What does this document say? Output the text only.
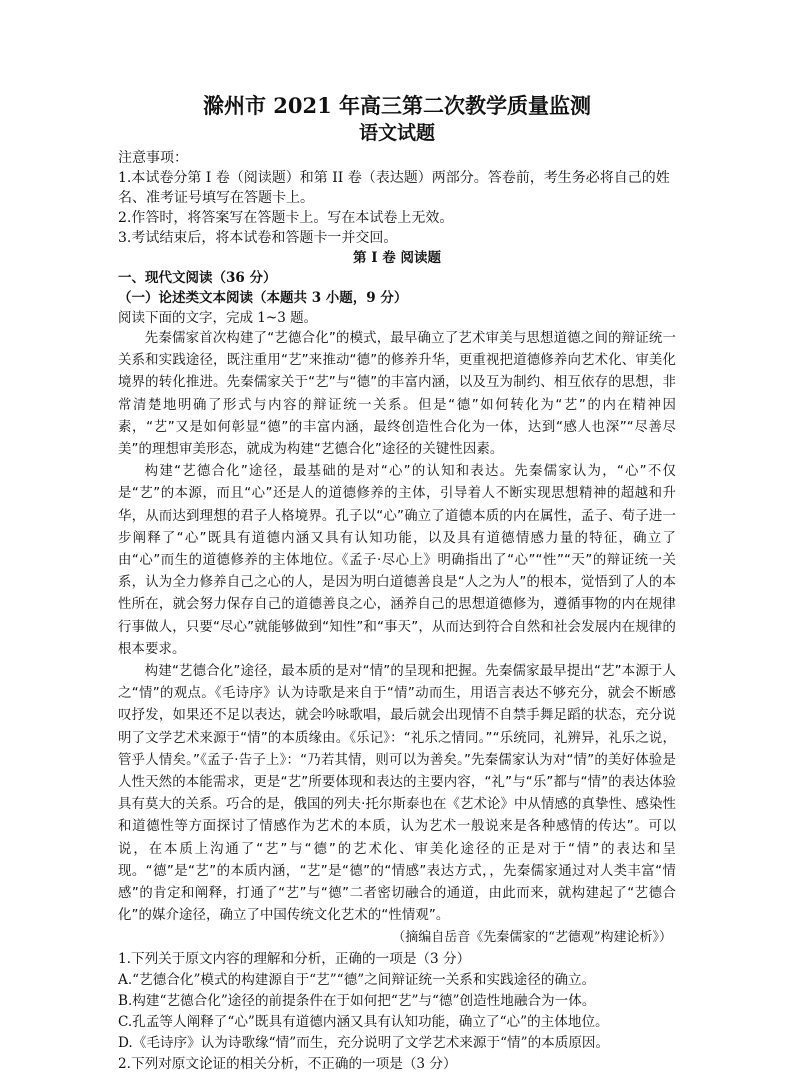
滁州市 2021 年高三第二次教学质量监测
语文试题

注意事项：

1.本试卷分第 I 卷（阅读题）和第 II 卷（表达题）两部分。答卷前，考生务必将自己的姓名、准考证号填写在答题卡上。

2.作答时，将答案写在答题卡上。写在本试卷上无效。

3.考试结束后，将本试卷和答题卡一并交回。

第 I 卷 阅读题

一、现代文阅读（36 分）

（一）论述类文本阅读（本题共 3 小题，9 分）

阅读下面的文字，完成 1~3 题。

先秦儒家首次构建了“艺德合化”的模式，最早确立了艺术审美与思想道德之间的辩证统一关系和实践途径，既注重用“艺”来推动“德”的修养升华，更重视把道德修养向艺术化、审美化境界的转化推进。先秦儒家关于“艺”与“德”的丰富内涵，以及互为制约、相互依存的思想，非常清楚地明确了形式与内容的辩证统一关系。但是“德”如何转化为“艺”的内在精神因素，“艺”又是如何彰显“德”的丰富内涵，最终创造性合化为一体，达到“感人也深”“尽善尽美”的理想审美形态，就成为构建“艺德合化”途径的关键性因素。

构建“艺德合化”途径，最基础的是对“心”的认知和表达。先秦儒家认为，“心”不仅是“艺”的本源，而且“心”还是人的道德修养的主体，引导着人不断实现思想精神的超越和升华，从而达到理想的君子人格境界。孔子以“心”确立了道德本质的内在属性，孟子、荀子进一步阐释了“心”既具有道德内涵又具有认知功能，以及具有道德情感力量的特征，确立了由“心”而生的道德修养的主体地位。《孟子·尽心上》明确指出了“心”“性”“天”的辩证统一关系，认为全力修养自己之心的人，是因为明白道德善良是“人之为人”的根本，觉悟到了人的本性所在，就会努力保存自己的道德善良之心，涵养自己的思想道德修为，遵循事物的内在规律行事做人，只要“尽心”就能够做到“知性”和“事天”，从而达到符合自然和社会发展内在规律的根本要求。

构建“艺德合化”途径，最本质的是对“情”的呈现和把握。先秦儒家最早提出“艺”本源于人之“情”的观点。《毛诗序》认为诗歌是来自于“情”动而生，用语言表达不够充分，就会不断感叹抒发，如果还不足以表达，就会吟咏歌唱，最后就会出现情不自禁手舞足蹈的状态，充分说明了文学艺术来源于“情”的本质缘由。《乐记》：“礼乐之情同。”“乐统同，礼辨异，礼乐之说，管乎人情矣。”《孟子·告子上》：“乃若其情，则可以为善矣。”先秦儒家认为对“情”的美好体验是人性天然的本能需求，更是“艺”所要体现和表达的主要内容，“礼”与“乐”都与“情”的表达体验具有莫大的关系。巧合的是，俄国的列夫·托尔斯泰也在《艺术论》中从情感的真挚性、感染性和道德性等方面探讨了情感作为艺术的本质，认为艺术一般说来是各种感情的传达”。可以说，在本质上沟通了“艺”与“德”的艺术化、审美化途径的正是对于“情”的表达和呈现。“德”是“艺”的本质内涵，“艺”是“德”的“情感”表达方式，，先秦儒家通过对人类丰富“情感”的肯定和阐释，打通了“艺”与“德”二者密切融合的通道，由此而来，就构建起了“艺德合化”的媒介途径，确立了中国传统文化艺术的“性情观”。

（摘编自岳音《先秦儒家的“艺德观”构建论析》）

1.下列关于原文内容的理解和分析，正确的一项是（3 分）

A.“艺德合化”模式的构建源自于“艺”“德”之间辩证统一关系和实践途径的确立。

B.构建“艺德合化”途径的前提条件在于如何把“艺”与“德”创造性地融合为一体。

C.孔孟等人阐释了“心”既具有道德内涵又具有认知功能，确立了“心”的主体地位。

D.《毛诗序》认为诗歌缘“情”而生，充分说明了文学艺术来源于“情”的本质原因。

2.下列对原文论证的相关分析，不正确的一项是（3 分）
